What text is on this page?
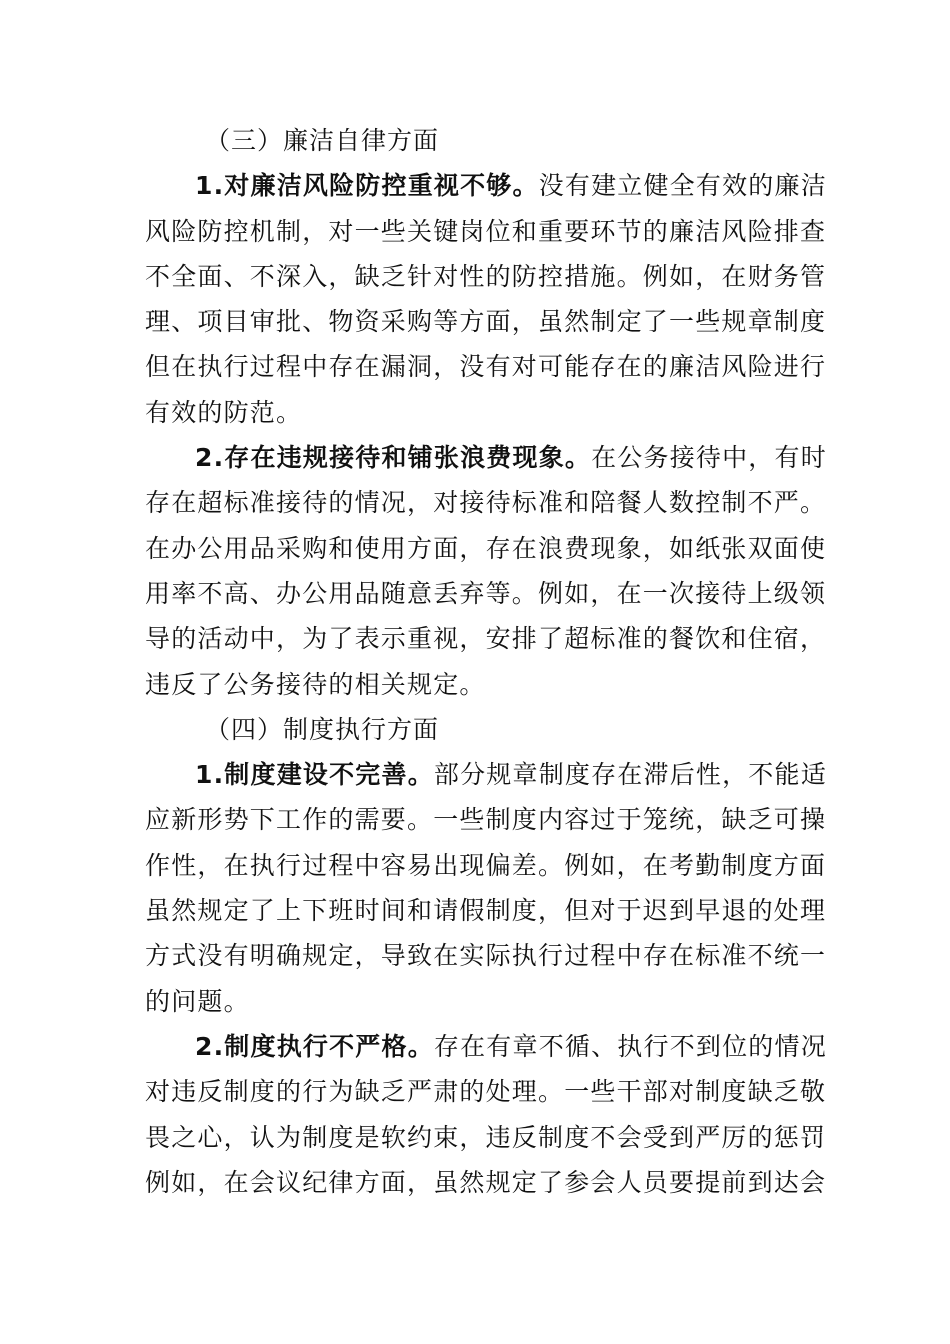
（三）廉洁自律方面
1.对廉洁风险防控重视不够。没有建立健全有效的廉洁
风险防控机制，对一些关键岗位和重要环节的廉洁风险排查
不全面、不深入，缺乏针对性的防控措施。例如，在财务管
理、项目审批、物资采购等方面，虽然制定了一些规章制度
但在执行过程中存在漏洞，没有对可能存在的廉洁风险进行
有效的防范。
2.存在违规接待和铺张浪费现象。在公务接待中，有时
存在超标准接待的情况，对接待标准和陪餐人数控制不严。
在办公用品采购和使用方面，存在浪费现象，如纸张双面使
用率不高、办公用品随意丢弃等。例如，在一次接待上级领
导的活动中，为了表示重视，安排了超标准的餐饮和住宿，
违反了公务接待的相关规定。
（四）制度执行方面
1.制度建设不完善。部分规章制度存在滞后性，不能适
应新形势下工作的需要。一些制度内容过于笼统，缺乏可操
作性，在执行过程中容易出现偏差。例如，在考勤制度方面
虽然规定了上下班时间和请假制度，但对于迟到早退的处理
方式没有明确规定，导致在实际执行过程中存在标准不统一
的问题。
2.制度执行不严格。存在有章不循、执行不到位的情况
对违反制度的行为缺乏严肃的处理。一些干部对制度缺乏敬
畏之心，认为制度是软约束，违反制度不会受到严厉的惩罚
例如，在会议纪律方面，虽然规定了参会人员要提前到达会
